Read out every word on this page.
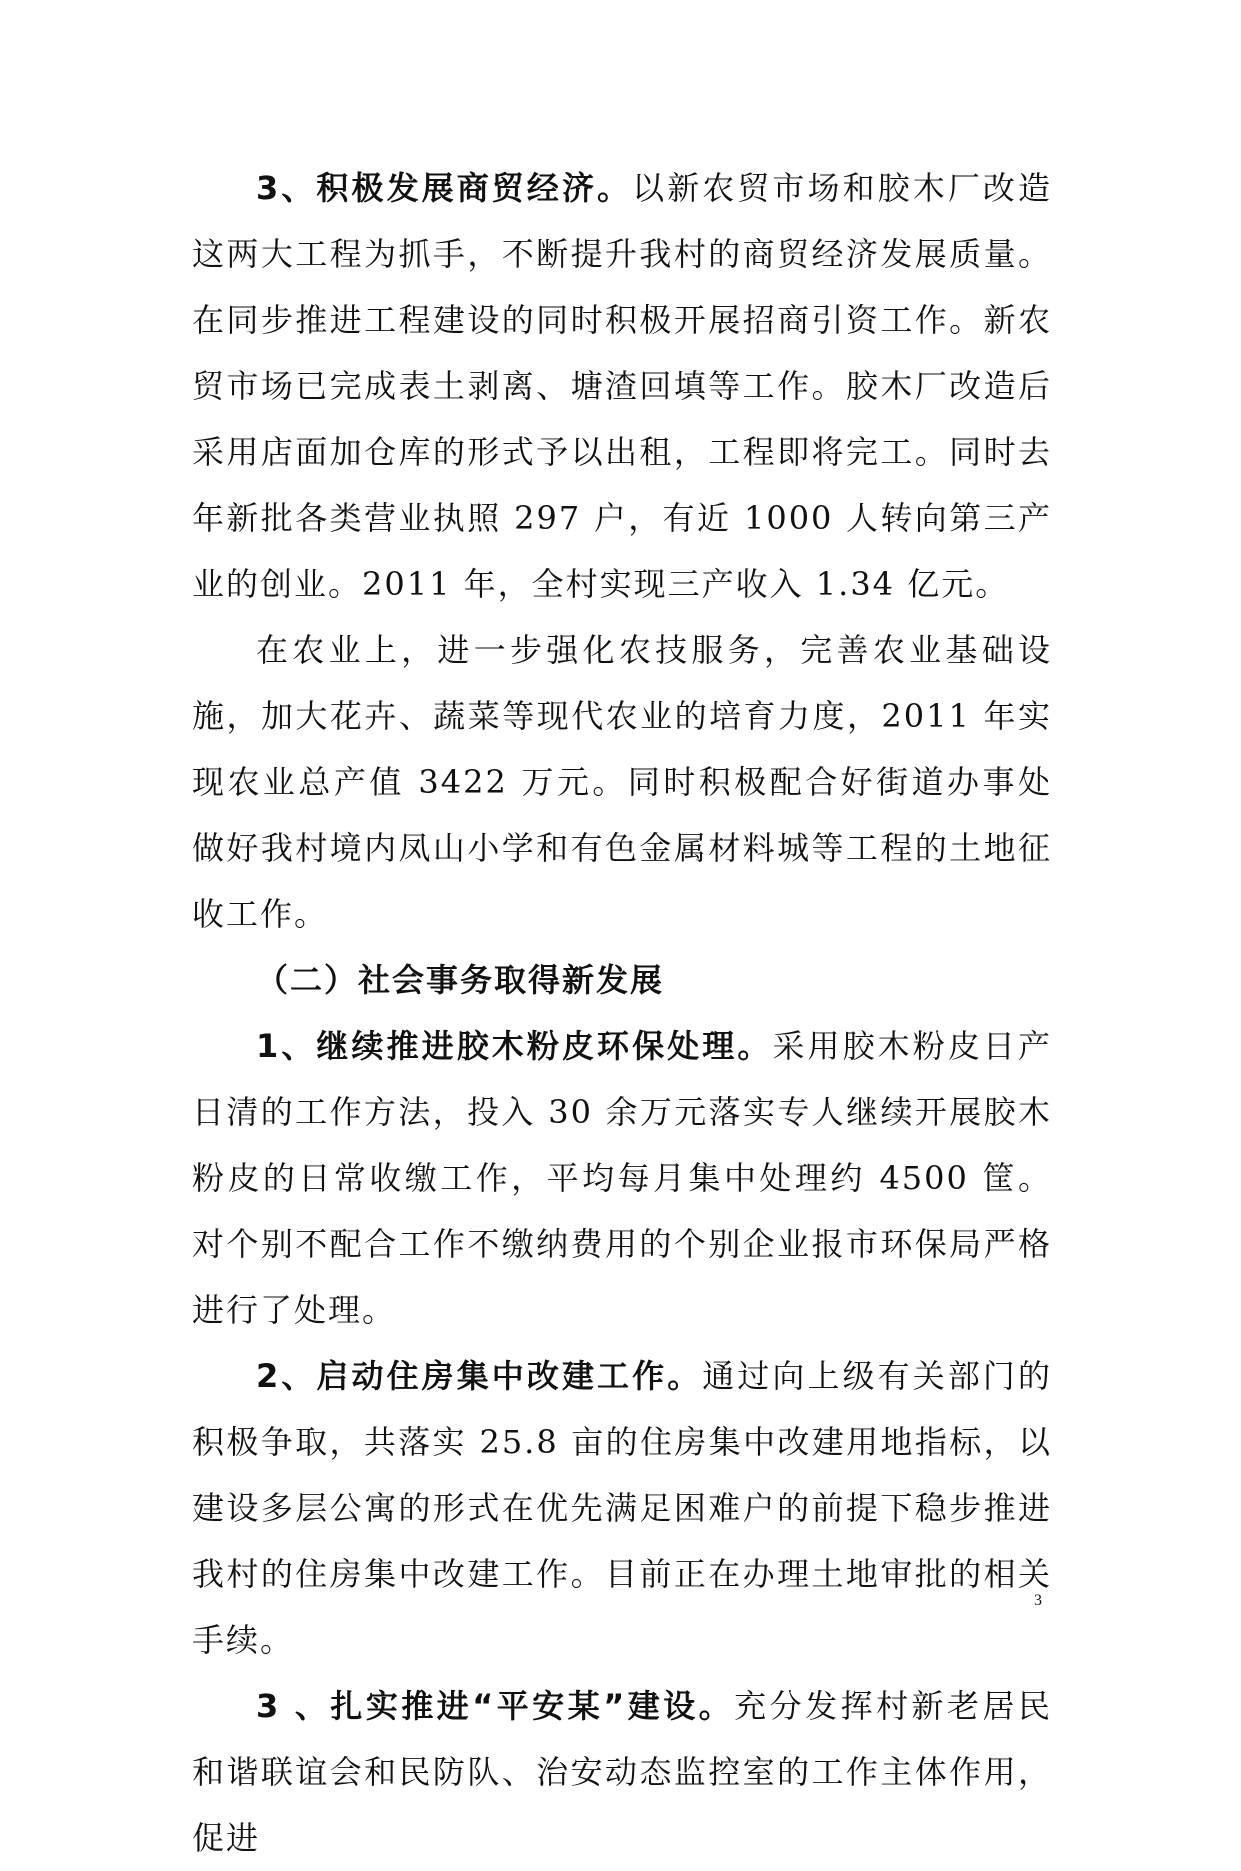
3、积极发展商贸经济。以新农贸市场和胶木厂改造这两大工程为抓手，不断提升我村的商贸经济发展质量。在同步推进工程建设的同时积极开展招商引资工作。新农贸市场已完成表土剥离、塘渣回填等工作。胶木厂改造后采用店面加仓库的形式予以出租，工程即将完工。同时去年新批各类营业执照 297 户，有近 1000 人转向第三产业的创业。2011 年，全村实现三产收入 1.34 亿元。

在农业上，进一步强化农技服务，完善农业基础设施，加大花卉、蔬菜等现代农业的培育力度，2011 年实现农业总产值 3422 万元。同时积极配合好街道办事处做好我村境内凤山小学和有色金属材料城等工程的土地征收工作。

（二）社会事务取得新发展

1、继续推进胶木粉皮环保处理。采用胶木粉皮日产日清的工作方法，投入 30 余万元落实专人继续开展胶木粉皮的日常收缴工作，平均每月集中处理约 4500 筐。对个别不配合工作不缴纳费用的个别企业报市环保局严格进行了处理。

2、启动住房集中改建工作。通过向上级有关部门的积极争取，共落实 25.8 亩的住房集中改建用地指标，以建设多层公寓的形式在优先满足困难户的前提下稳步推进我村的住房集中改建工作。目前正在办理土地审批的相关手续。

3 、扎实推进“平安某”建设。充分发挥村新老居民和谐联谊会和民防队、治安动态监控室的工作主体作用，促进

3
